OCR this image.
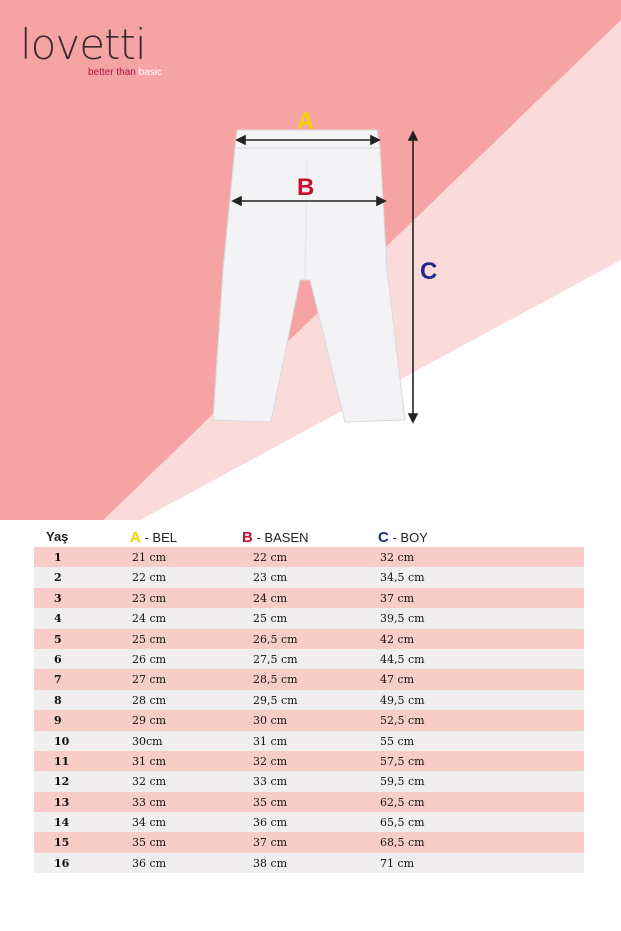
lovetti
better than basic
A
B
C
Yaş	A - BEL	B - BASEN	C - BOY
1	21 cm	22 cm	32 cm
2	22 cm	23 cm	34,5 cm
3	23 cm	24 cm	37 cm
4	24 cm	25 cm	39,5 cm
5	25 cm	26,5 cm	42 cm
6	26 cm	27,5 cm	44,5 cm
7	27 cm	28,5 cm	47 cm
8	28 cm	29,5 cm	49,5 cm
9	29 cm	30 cm	52,5 cm
10	30cm	31 cm	55 cm
11	31 cm	32 cm	57,5 cm
12	32 cm	33 cm	59,5 cm
13	33 cm	35 cm	62,5 cm
14	34 cm	36 cm	65,5 cm
15	35 cm	37 cm	68,5 cm
16	36 cm	38 cm	71 cm
